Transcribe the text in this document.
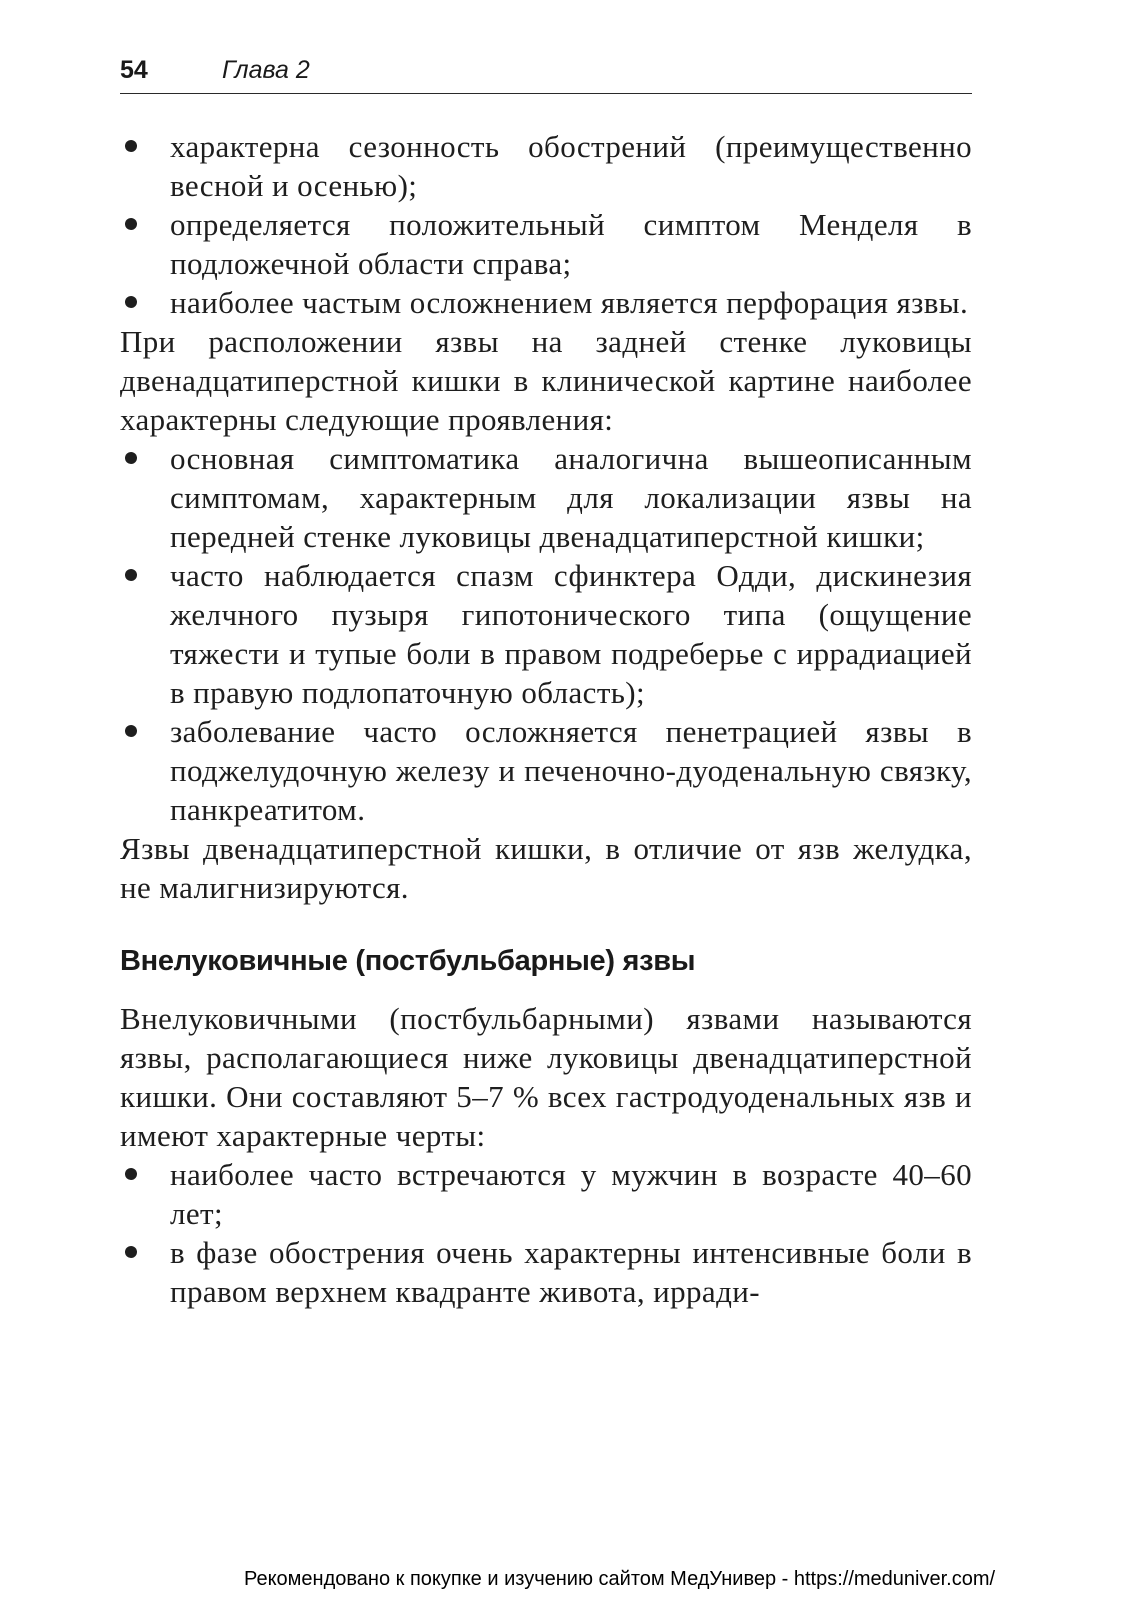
54	Глава 2
характерна сезонность обострений (преимущественно весной и осенью);
определяется положительный симптом Менделя в подложечной области справа;
наиболее частым осложнением является перфорация язвы.

При расположении язвы на задней стенке луковицы двенадцатиперстной кишки в клинической картине наиболее характерны следующие проявления:

основная симптоматика аналогична вышеописанным симптомам, характерным для локализации язвы на передней стенке луковицы двенадцатиперстной кишки;
часто наблюдается спазм сфинктера Одди, дискинезия желчного пузыря гипотонического типа (ощущение тяжести и тупые боли в правом подреберье с иррадиацией в правую подлопаточную область);
заболевание часто осложняется пенетрацией язвы в поджелудочную железу и печеночно-дуоденальную связку, панкреатитом.

Язвы двенадцатиперстной кишки, в отличие от язв желудка, не малигнизируются.

Внелуковичные (постбульбарные) язвы

Внелуковичными (постбульбарными) язвами называются язвы, располагающиеся ниже луковицы двенадцатиперстной кишки. Они составляют 5–7 % всех гастродуоденальных язв и имеют характерные черты:

наиболее часто встречаются у мужчин в возрасте 40–60 лет;
в фазе обострения очень характерны интенсивные боли в правом верхнем квадранте живота, ирради-
Рекомендовано к покупке и изучению сайтом МедУнивер - https://meduniver.com/
